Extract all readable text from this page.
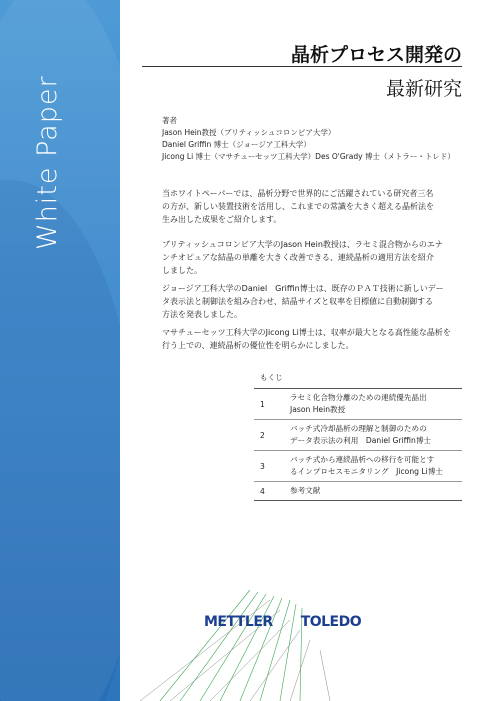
White Paper
晶析プロセス開発の
最新研究
著者
Jason Hein教授（ブリティッシュコロンビア大学）
Daniel Griffin 博士（ジョージア工科大学）
Jicong Li 博士（マサチューセッツ工科大学）Des O'Grady 博士（メトラー・トレド）
当ホワイトペーパーでは、晶析分野で世界的にご活躍されている研究者三名
の方が、新しい装置技術を活用し、これまでの常識を大きく超える晶析法を
生み出した成果をご紹介します。
ブリティッシュコロンビア大学のJason Hein教授は、ラセミ混合物からのエナ
ンチオピュアな結晶の単離を大きく改善できる、連続晶析の適用方法を紹介
しました。
ジョージア工科大学のDaniel　Griffin博士は、既存のＰＡＴ技術に新しいデー
タ表示法と制御法を組み合わせ、結晶サイズと収率を目標値に自動制御する
方法を発表しました。
マサチューセッツ工科大学のJicong Li博士は、収率が最大となる高性能な晶析を
行う上での、連続晶析の優位性を明らかにしました。
もくじ
1
ラセミ化合物分離のための連続優先晶出
Jason Hein教授
2
バッチ式冷却晶析の理解と制御のための
データ表示法の利用　Daniel Griffin博士
3
バッチ式から連続晶析への移行を可能とす
るインプロセスモニタリング　Jicong Li博士
4	参考文献
METTLER TOLEDO
